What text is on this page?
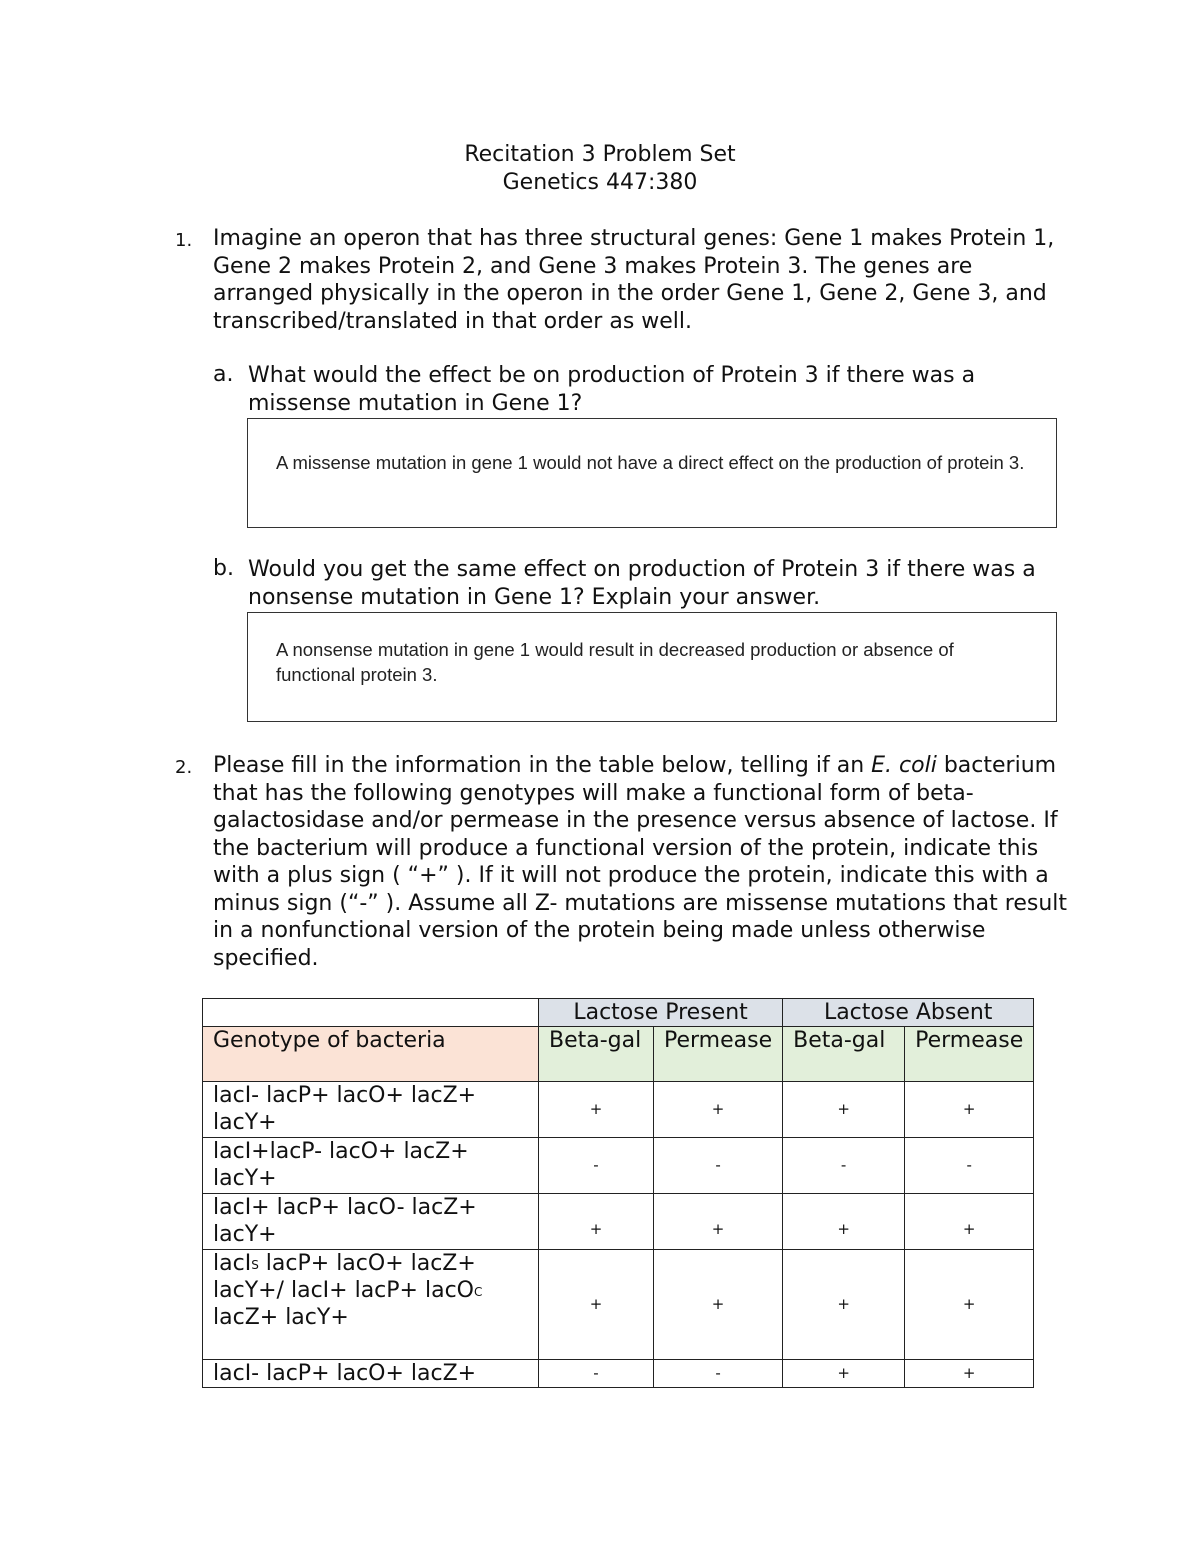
Recitation 3 Problem Set
Genetics 447:380
1. Imagine an operon that has three structural genes: Gene 1 makes Protein 1, Gene 2 makes Protein 2, and Gene 3 makes Protein 3. The genes are arranged physically in the operon in the order Gene 1, Gene 2, Gene 3, and transcribed/translated in that order as well.
a. What would the effect be on production of Protein 3 if there was a missense mutation in Gene 1?
A missense mutation in gene 1 would not have a direct effect on the production of protein 3.
b. Would you get the same effect on production of Protein 3 if there was a nonsense mutation in Gene 1? Explain your answer.
A nonsense mutation in gene 1 would result in decreased production or absence of functional protein 3.
2. Please fill in the information in the table below, telling if an E. coli bacterium that has the following genotypes will make a functional form of beta-galactosidase and/or permease in the presence versus absence of lactose. If the bacterium will produce a functional version of the protein, indicate this with a plus sign ( “+” ). If it will not produce the protein, indicate this with a minus sign (“-” ). Assume all Z- mutations are missense mutations that result in a nonfunctional version of the protein being made unless otherwise specified.
	Lactose Present		Lactose Absent	
Genotype of bacteria	Beta-gal	Permease	Beta-gal	Permease
lacI- lacP+ lacO+ lacZ+ lacY+	+	+	+	+
lacI+lacP- lacO+ lacZ+ lacY+	-	-	-	-
lacI+ lacP+ lacO- lacZ+ lacY+	+	+	+	+
lacI$^S$ lacP+ lacO+ lacZ+ lacY+/ lacI+ lacP+ lacO$^C$ lacZ+ lacY+	+	+	+	+
lacI- lacP+ lacO+ lacZ+	-	-	+	+
